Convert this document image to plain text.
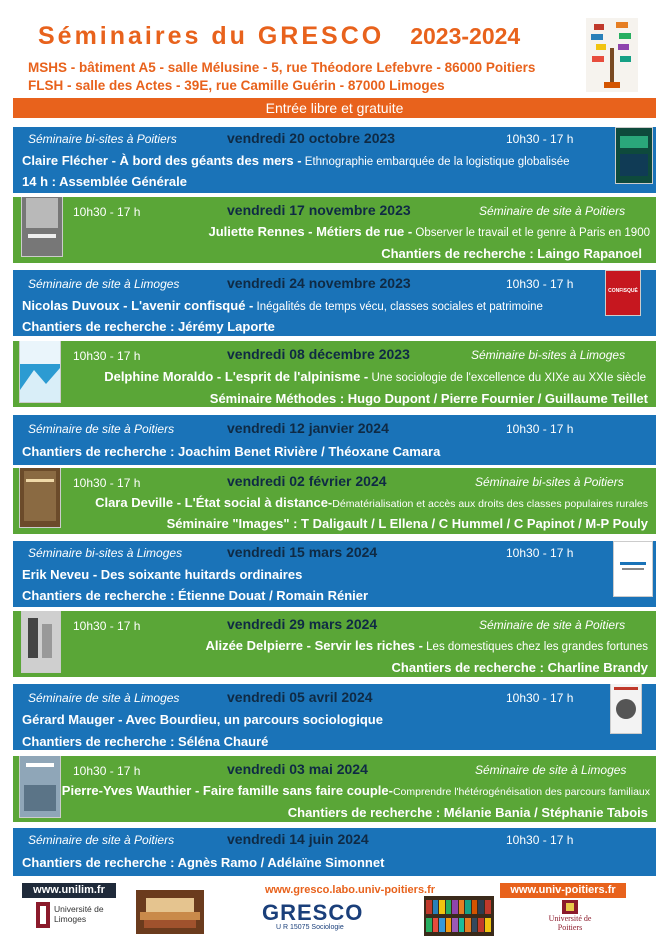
Séminaires du GRESCO 2023-2024
MSHS - bâtiment A5 - salle Mélusine - 5, rue Théodore Lefebvre - 86000 Poitiers
FLSH - salle des Actes - 39E, rue Camille Guérin - 87000 Limoges
Entrée libre et gratuite
Séminaire bi-sites à Poitiers	vendredi 20 octobre 2023	10h30 - 17 h
Claire Flécher - À bord des géants des mers - Ethnographie embarquée de la logistique globalisée
14 h : Assemblée Générale
10h30 - 17 h	vendredi 17 novembre 2023	Séminaire de site à Poitiers
Juliette Rennes - Métiers de rue - Observer le travail et le genre à Paris en 1900
Chantiers de recherche : Laingo Rapanoel
Séminaire de site à Limoges	vendredi 24 novembre 2023	10h30 - 17 h
Nicolas Duvoux - L'avenir confisqué - Inégalités de temps vécu, classes sociales et patrimoine
Chantiers de recherche : Jérémy Laporte
CONFISQUÉ
10h30 - 17 h	vendredi 08 décembre 2023	Séminaire bi-sites à Limoges
Delphine Moraldo - L'esprit de l'alpinisme - Une sociologie de l'excellence du XIXe au XXIe siècle
Séminaire Méthodes : Hugo Dupont / Pierre Fournier / Guillaume Teillet
Séminaire de site à Poitiers	vendredi 12 janvier 2024	10h30 - 17 h
Chantiers de recherche : Joachim Benet Rivière / Théoxane Camara
10h30 - 17 h	vendredi 02 février 2024	Séminaire bi-sites à Poitiers
Clara Deville - L'État social à distance-Dématérialisation et accès aux droits des classes populaires rurales
Séminaire "Images" : T Daligault / L Ellena / C Hummel / C Papinot / M-P Pouly
Séminaire bi-sites à Limoges	vendredi 15 mars 2024	10h30 - 17 h
Erik Neveu - Des soixante huitards ordinaires
Chantiers de recherche : Étienne Douat / Romain Rénier
10h30 - 17 h	vendredi 29 mars 2024	Séminaire de site à Poitiers
Alizée Delpierre - Servir les riches - Les domestiques chez les grandes fortunes
Chantiers de recherche : Charline Brandy
Séminaire de site à Limoges	vendredi 05 avril 2024	10h30 - 17 h
Gérard Mauger - Avec Bourdieu, un parcours sociologique
Chantiers de recherche : Séléna Chauré
10h30 - 17 h	vendredi 03 mai 2024	Séminaire de site à Limoges
Pierre-Yves Wauthier - Faire famille sans faire couple-Comprendre l'hétérogénéisation des parcours familiaux
Chantiers de recherche : Mélanie Bania / Stéphanie Tabois
Séminaire de site à Poitiers	vendredi 14 juin 2024	10h30 - 17 h
Chantiers de recherche : Agnès Ramo / Adélaïne Simonnet
www.unilim.fr	www.gresco.labo.univ-poitiers.fr	www.univ-poitiers.fr
Université de Limoges	GRESCO
U R 15075 Sociologie
Université de Poitiers
